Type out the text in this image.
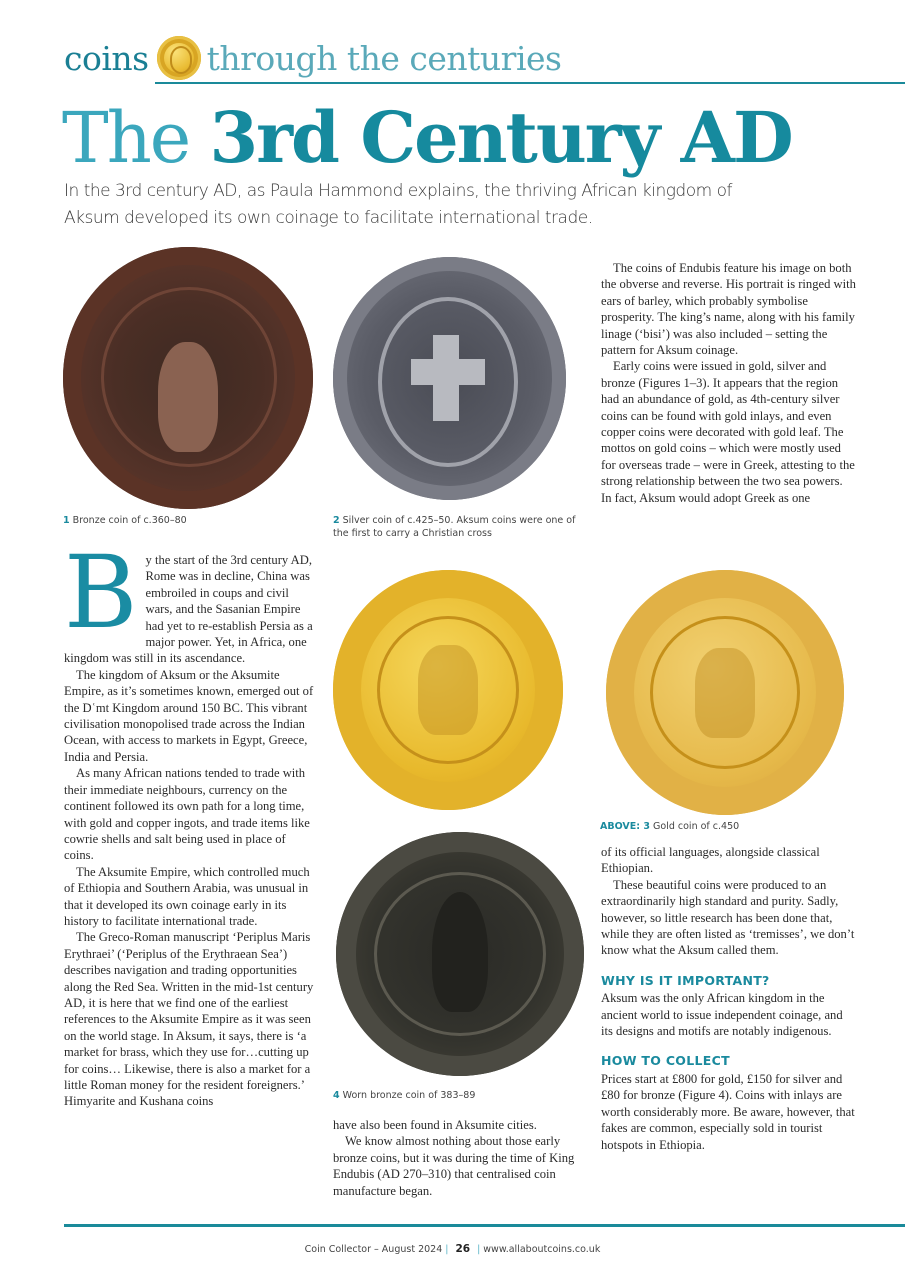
coins through the centuries
The 3rd Century AD
In the 3rd century AD, as Paula Hammond explains, the thriving African kingdom of Aksum developed its own coinage to facilitate international trade.
1 Bronze coin of c.360–80	2 Silver coin of c.425–50. Aksum coins were one of the first to carry a Christian cross
ABOVE: 3 Gold coin of c.450
4 Worn bronze coin of 383–89
B y the start of the 3rd century AD, Rome was in decline, China was embroiled in coups and civil wars, and the Sasanian Empire had yet to re-establish Persia as a major power. Yet, in Africa, one kingdom was still in its ascendance.

The kingdom of Aksum or the Aksumite Empire, as it’s sometimes known, emerged out of the Dʿmt Kingdom around 150 BC. This vibrant civilisation monopolised trade across the Indian Ocean, with access to markets in Egypt, Greece, India and Persia.

As many African nations tended to trade with their immediate neighbours, currency on the continent followed its own path for a long time, with gold and copper ingots, and trade items like cowrie shells and salt being used in place of coins.

The Aksumite Empire, which controlled much of Ethiopia and Southern Arabia, was unusual in that it developed its own coinage early in its history to facilitate international trade.

The Greco-Roman manuscript ‘Periplus Maris Erythraei’ (‘Periplus of the Erythraean Sea’) describes navigation and trading opportunities along the Red Sea. Written in the mid-1st century AD, it is here that we find one of the earliest references to the Aksumite Empire as it was seen on the world stage. In Aksum, it says, there is ‘a market for brass, which they use for…cutting up for coins… Likewise, there is also a market for a little Roman money for the resident foreigners.’ Himyarite and Kushana coins

have also been found in Aksumite cities.

We know almost nothing about those early bronze coins, but it was during the time of King Endubis (AD 270–310) that centralised coin manufacture began.

The coins of Endubis feature his image on both the obverse and reverse. His portrait is ringed with ears of barley, which probably symbolise prosperity. The king’s name, along with his family linage (‘bisi’) was also included – setting the pattern for Aksum coinage.

Early coins were issued in gold, silver and bronze (Figures 1–3). It appears that the region had an abundance of gold, as 4th-century silver coins can be found with gold inlays, and even copper coins were decorated with gold leaf. The mottos on gold coins – which were mostly used for overseas trade – were in Greek, attesting to the strong relationship between the two sea powers.

In fact, Aksum would adopt Greek as one

of its official languages, alongside classical Ethiopian.

These beautiful coins were produced to an extraordinarily high standard and purity. Sadly, however, so little research has been done that, while they are often listed as ‘tremisses’, we don’t know what the Aksum called them.

WHY IS IT IMPORTANT?

Aksum was the only African kingdom in the ancient world to issue independent coinage, and its designs and motifs are notably indigenous.

HOW TO COLLECT

Prices start at £800 for gold, £150 for silver and £80 for bronze (Figure 4). Coins with inlays are worth considerably more. Be aware, however, that fakes are common, especially sold in tourist hotspots in Ethiopia.

Coin Collector – August 2024 | 26 | www.allaboutcoins.co.uk
